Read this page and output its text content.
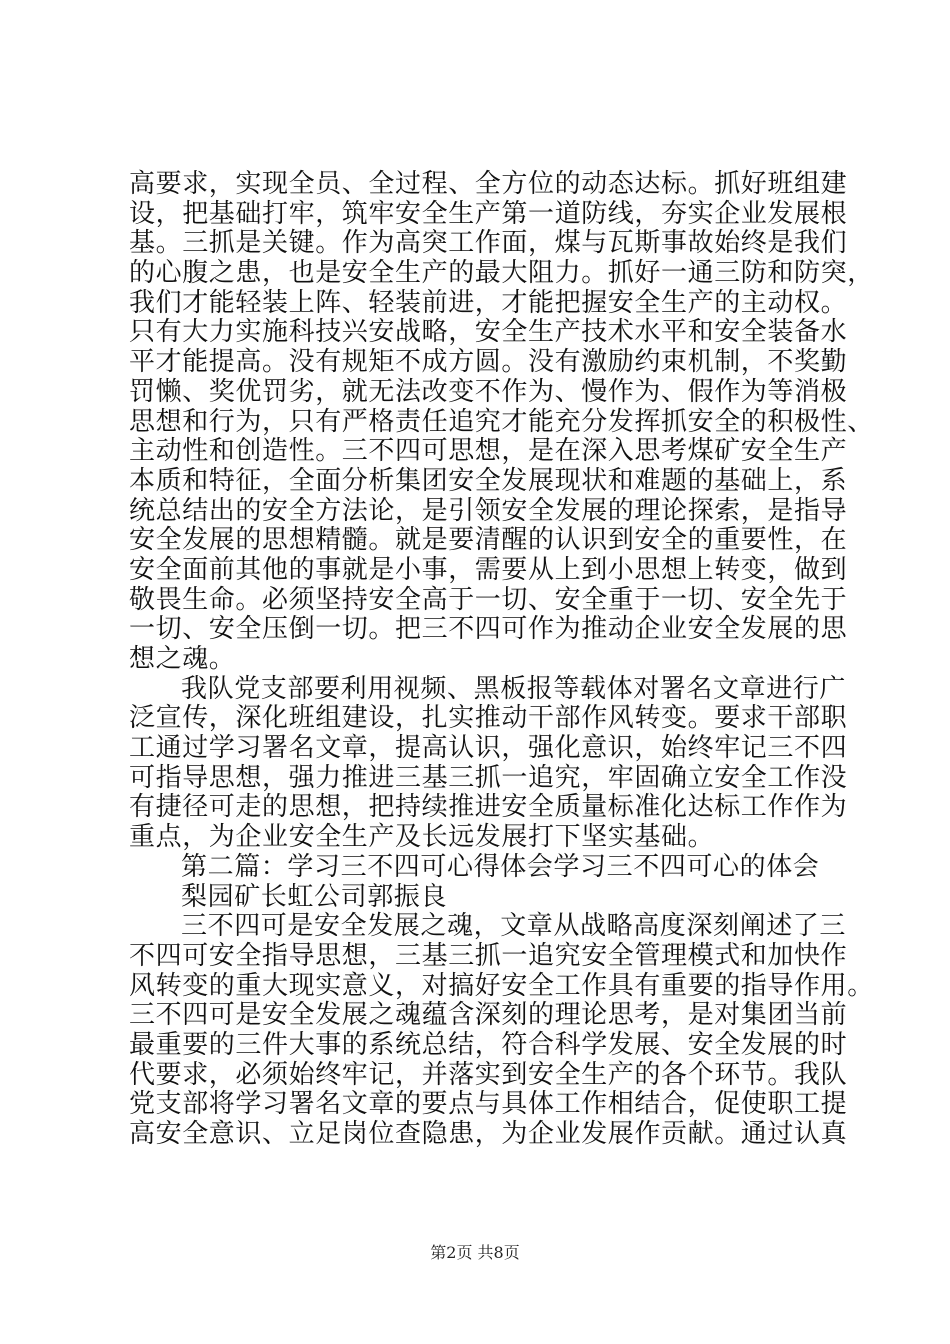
高要求，实现全员、全过程、全方位的动态达标。抓好班组建
设，把基础打牢，筑牢安全生产第一道防线，夯实企业发展根
基。三抓是关键。作为高突工作面，煤与瓦斯事故始终是我们
的心腹之患，也是安全生产的最大阻力。抓好一通三防和防突，
我们才能轻装上阵、轻装前进，才能把握安全生产的主动权。
只有大力实施科技兴安战略，安全生产技术水平和安全装备水
平才能提高。没有规矩不成方圆。没有激励约束机制，不奖勤
罚懒、奖优罚劣，就无法改变不作为、慢作为、假作为等消极
思想和行为，只有严格责任追究才能充分发挥抓安全的积极性、
主动性和创造性。三不四可思想，是在深入思考煤矿安全生产
本质和特征，全面分析集团安全发展现状和难题的基础上，系
统总结出的安全方法论，是引领安全发展的理论探索，是指导
安全发展的思想精髓。就是要清醒的认识到安全的重要性，在
安全面前其他的事就是小事，需要从上到小思想上转变，做到
敬畏生命。必须坚持安全高于一切、安全重于一切、安全先于
一切、安全压倒一切。把三不四可作为推动企业安全发展的思
想之魂。
我队党支部要利用视频、黑板报等载体对署名文章进行广
泛宣传，深化班组建设，扎实推动干部作风转变。要求干部职
工通过学习署名文章，提高认识，强化意识，始终牢记三不四
可指导思想，强力推进三基三抓一追究，牢固确立安全工作没
有捷径可走的思想，把持续推进安全质量标准化达标工作作为
重点，为企业安全生产及长远发展打下坚实基础。
第二篇：学习三不四可心得体会学习三不四可心的体会
梨园矿长虹公司郭振良
三不四可是安全发展之魂，文章从战略高度深刻阐述了三
不四可安全指导思想，三基三抓一追究安全管理模式和加快作
风转变的重大现实意义，对搞好安全工作具有重要的指导作用。
三不四可是安全发展之魂蕴含深刻的理论思考，是对集团当前
最重要的三件大事的系统总结，符合科学发展、安全发展的时
代要求，必须始终牢记，并落实到安全生产的各个环节。我队
党支部将学习署名文章的要点与具体工作相结合，促使职工提
高安全意识、立足岗位查隐患，为企业发展作贡献。通过认真
第2页 共8页
